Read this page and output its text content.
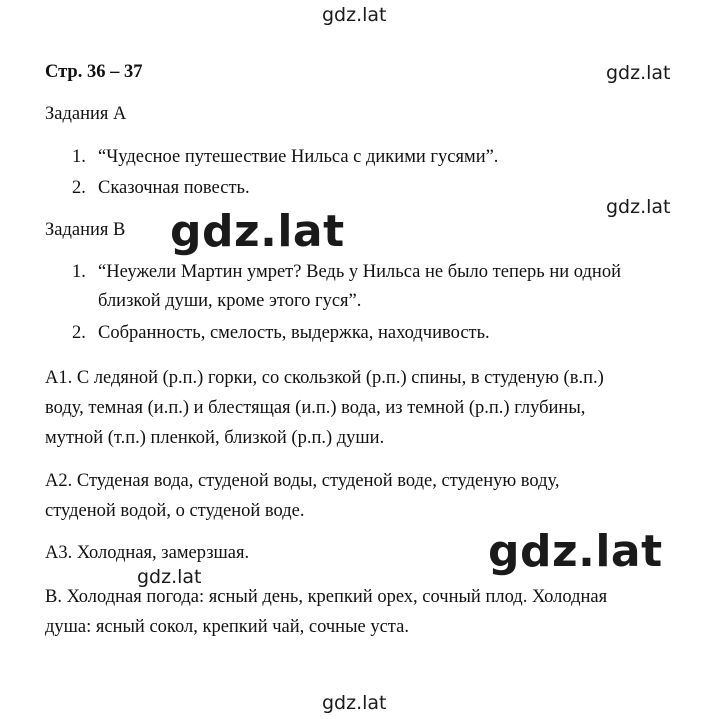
gdz.lat
gdz.lat
gdz.lat
gdz.lat
gdz.lat
gdz.lat
gdz.lat
Стр. 36 – 37
Задания А
1. “Чудесное путешествие Нильса с дикими гусями”.
2. Сказочная повесть.
Задания В
1. “Неужели Мартин умрет? Ведь у Нильса не было теперь ни одной
близкой души, кроме этого гуся”.
2. Собранность, смелость, выдержка, находчивость.
А1. С ледяной (р.п.) горки, со скользкой (р.п.) спины, в студеную (в.п.)
воду, темная (и.п.) и блестящая (и.п.) вода, из темной (р.п.) глубины,
мутной (т.п.) пленкой, близкой (р.п.) души.
А2. Студеная вода, студеной воды, студеной воде, студеную воду,
студеной водой, о студеной воде.
А3. Холодная, замерзшая.
В. Холодная погода: ясный день, крепкий орех, сочный плод. Холодная
душа: ясный сокол, крепкий чай, сочные уста.
